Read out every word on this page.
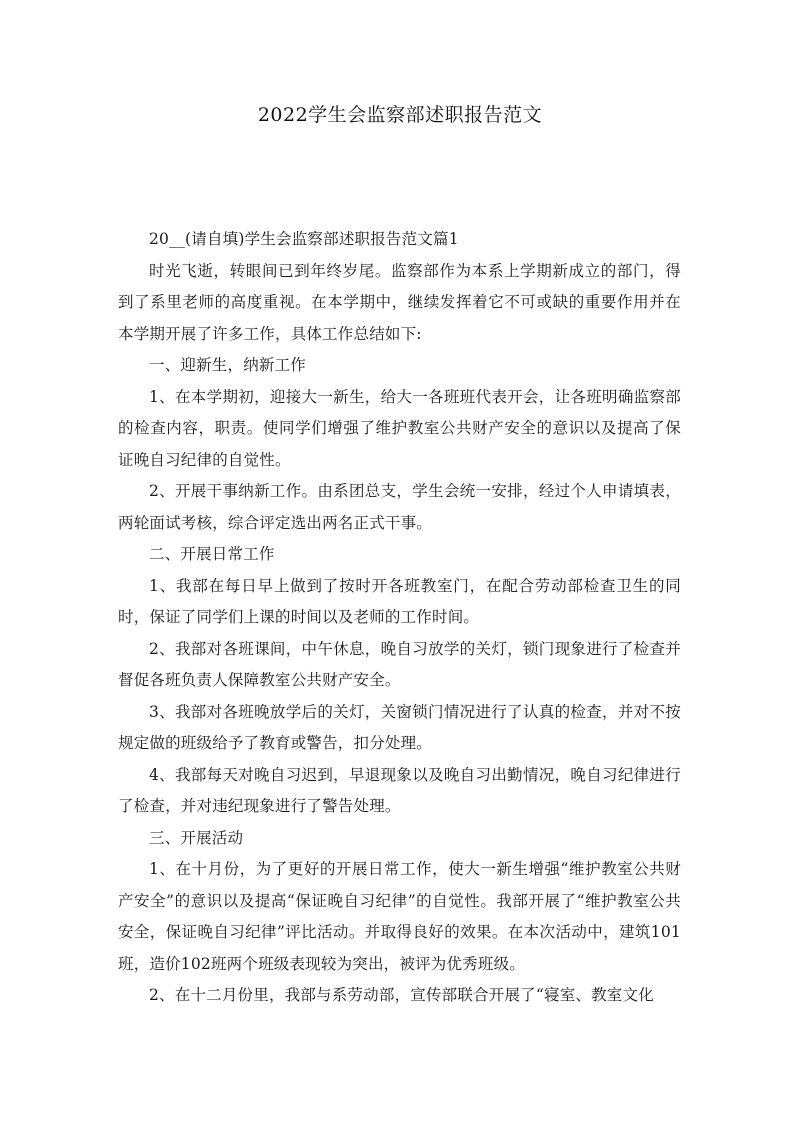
2022学生会监察部述职报告范文

20__(请自填)学生会监察部述职报告范文篇1

时光飞逝，转眼间已到年终岁尾。监察部作为本系上学期新成立的部门，得到了系里老师的高度重视。在本学期中，继续发挥着它不可或缺的重要作用并在本学期开展了许多工作，具体工作总结如下:

一、迎新生，纳新工作

1、在本学期初，迎接大一新生，给大一各班班代表开会，让各班明确监察部的检查内容，职责。使同学们增强了维护教室公共财产安全的意识以及提高了保证晚自习纪律的自觉性。

2、开展干事纳新工作。由系团总支，学生会统一安排，经过个人申请填表，两轮面试考核，综合评定选出两名正式干事。

二、开展日常工作

1、我部在每日早上做到了按时开各班教室门，在配合劳动部检查卫生的同时，保证了同学们上课的时间以及老师的工作时间。

2、我部对各班课间，中午休息，晚自习放学的关灯，锁门现象进行了检查并督促各班负责人保障教室公共财产安全。

3、我部对各班晚放学后的关灯，关窗锁门情况进行了认真的检查，并对不按规定做的班级给予了教育或警告，扣分处理。

4、我部每天对晚自习迟到，早退现象以及晚自习出勤情况，晚自习纪律进行了检查，并对违纪现象进行了警告处理。

三、开展活动

1、在十月份，为了更好的开展日常工作，使大一新生增强“维护教室公共财产安全”的意识以及提高“保证晚自习纪律”的自觉性。我部开展了“维护教室公共安全，保证晚自习纪律”评比活动。并取得良好的效果。在本次活动中，建筑101班，造价102班两个班级表现较为突出，被评为优秀班级。

2、在十二月份里，我部与系劳动部，宣传部联合开展了“寝室、教室文化
